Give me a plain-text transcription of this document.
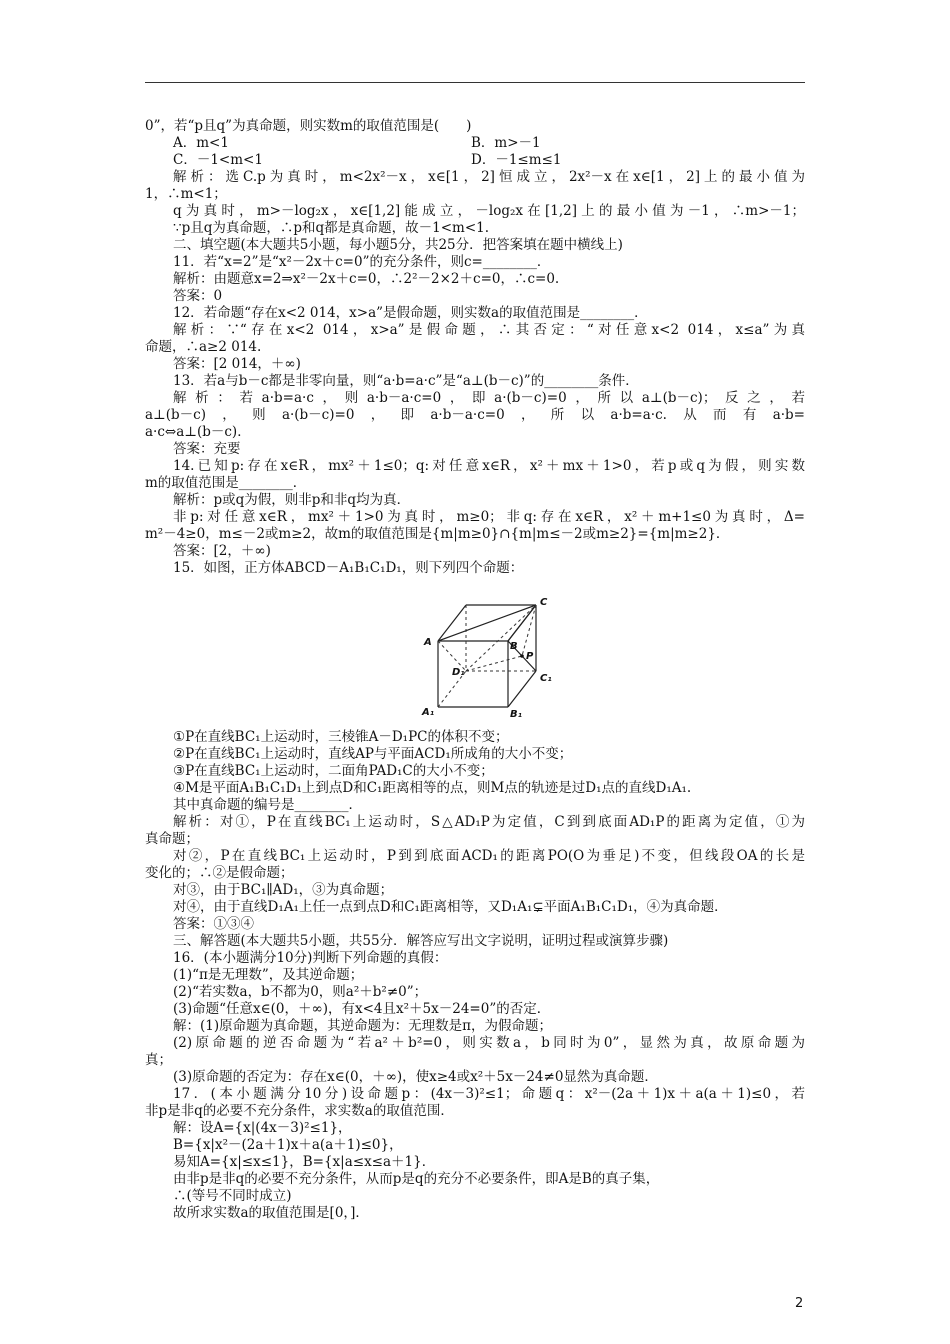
0”，若“p且q”为真命题，则实数m的取值范围是(　　)
A．m<1	B．m>－1
C．－1<m<1	D．－1≤m≤1
解析：选C.p为真时，m<2x²－x，x∈[1，2]恒成立，2x²－x在x∈[1，2]上的最小值为
1，∴m<1；
q为真时，m>－log₂x，x∈[1,2]能成立，－log₂x在[1,2]上的最小值为－1，∴m>－1；
∵p且q为真命题，∴p和q都是真命题，故－1<m<1.
二、填空题(本大题共5小题，每小题5分，共25分．把答案填在题中横线上)
11．若“x=2”是“x²－2x＋c=0”的充分条件，则c=________．
解析：由题意x=2⇒x²－2x＋c=0，∴2²－2×2＋c=0，∴c=0.
答案：0
12．若命题“存在x<2 014，x>a”是假命题，则实数a的取值范围是________．
解析：∵“存在x<2 014，x>a”是假命题，∴其否定：“对任意x<2 014，x≤a”为真
命题，∴a≥2 014.
答案：[2 014，＋∞)
13．若a与b－c都是非零向量，则“a·b=a·c”是“a⊥(b－c)”的________条件．
解析：若a·b=a·c，则a·b－a·c=0，即a·(b－c)=0，所以a⊥(b－c)；反之，若
a⊥(b－c)，则a·(b－c)=0，即a·b－a·c=0，所以a·b=a·c.从而有a·b=
a·c⇔a⊥(b－c)．
答案：充要
14.已知p:存在x∈R，mx²＋1≤0；q:对任意x∈R，x²＋mx＋1>0，若p或q为假，则实数
m的取值范围是________．
解析：p或q为假，则非p和非q均为真．
非p:对任意x∈R，mx²＋1>0为真时，m≥0；非q:存在x∈R，x²＋m+1≤0为真时，Δ=
m²－4≥0，m≤－2或m≥2，故m的取值范围是{m|m≥0}∩{m|m≤－2或m≥2}={m|m≥2}．
答案：[2，＋∞)
15．如图，正方体ABCD－A₁B₁C₁D₁，则下列四个命题：
A	B
C
D₁
C₁
A₁	B₁
P
①P在直线BC₁上运动时，三棱锥A－D₁PC的体积不变；
②P在直线BC₁上运动时，直线AP与平面ACD₁所成角的大小不变；
③P在直线BC₁上运动时，二面角PAD₁C的大小不变；
④M是平面A₁B₁C₁D₁上到点D和C₁距离相等的点，则M点的轨迹是过D₁点的直线D₁A₁.
其中真命题的编号是________．
解析：对①，P在直线BC₁上运动时，S△AD₁P为定值，C到到底面AD₁P的距离为定值，①为
真命题；
对②，P在直线BC₁上运动时，P到到底面ACD₁的距离PO(O为垂足)不变，但线段OA的长是
变化的；∴②是假命题；
对③，由于BC₁∥AD₁，③为真命题；
对④，由于直线D₁A₁上任一点到点D和C₁距离相等，又D₁A₁⊊平面A₁B₁C₁D₁，④为真命题．
答案：①③④
三、解答题(本大题共5小题，共55分．解答应写出文字说明，证明过程或演算步骤)
16．(本小题满分10分)判断下列命题的真假：
(1)“π是无理数”，及其逆命题；
(2)“若实数a，b不都为0，则a²＋b²≠0”；
(3)命题“任意x∈(0，＋∞)，有x<4且x²＋5x－24=0”的否定．
解：(1)原命题为真命题，其逆命题为：无理数是π，为假命题；
(2)原命题的逆否命题为“若a²＋b²=0，则实数a，b同时为0”，显然为真，故原命题为
真；
(3)原命题的否定为：存在x∈(0，＋∞)，使x≥4或x²＋5x－24≠0显然为真命题．
17．(本小题满分10分)设命题p：(4x－3)²≤1；命题q：x²－(2a＋1)x＋a(a＋1)≤0，若
非p是非q的必要不充分条件，求实数a的取值范围．
解：设A={x|(4x－3)²≤1}，
B={x|x²－(2a＋1)x＋a(a＋1)≤0}，
易知A={x|≤x≤1}，B={x|a≤x≤a＋1}．
由非p是非q的必要不充分条件，从而p是q的充分不必要条件，即A是B的真子集，
∴(等号不同时成立)
故所求实数a的取值范围是[0，]．
2
